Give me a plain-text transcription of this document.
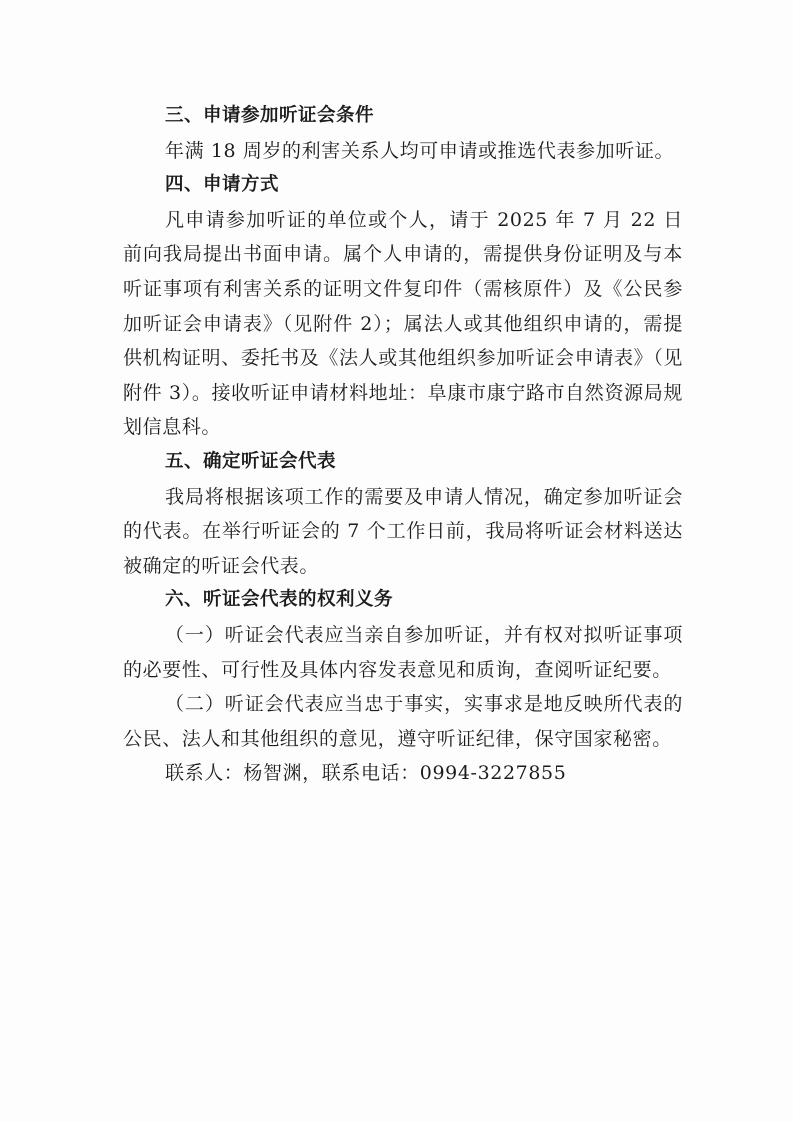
三、申请参加听证会条件

年满 18 周岁的利害关系人均可申请或推选代表参加听证。

四、申请方式

凡申请参加听证的单位或个人，请于 2025 年 7 月 22 日前向我局提出书面申请。属个人申请的，需提供身份证明及与本听证事项有利害关系的证明文件复印件（需核原件）及《公民参加听证会申请表》（见附件 2）；属法人或其他组织申请的，需提供机构证明、委托书及《法人或其他组织参加听证会申请表》（见附件 3）。接收听证申请材料地址：阜康市康宁路市自然资源局规划信息科。

五、确定听证会代表

我局将根据该项工作的需要及申请人情况，确定参加听证会的代表。在举行听证会的 7 个工作日前，我局将听证会材料送达被确定的听证会代表。

六、听证会代表的权利义务

（一）听证会代表应当亲自参加听证，并有权对拟听证事项的必要性、可行性及具体内容发表意见和质询，查阅听证纪要。

（二）听证会代表应当忠于事实，实事求是地反映所代表的公民、法人和其他组织的意见，遵守听证纪律，保守国家秘密。

联系人：杨智渊，联系电话：0994-3227855
